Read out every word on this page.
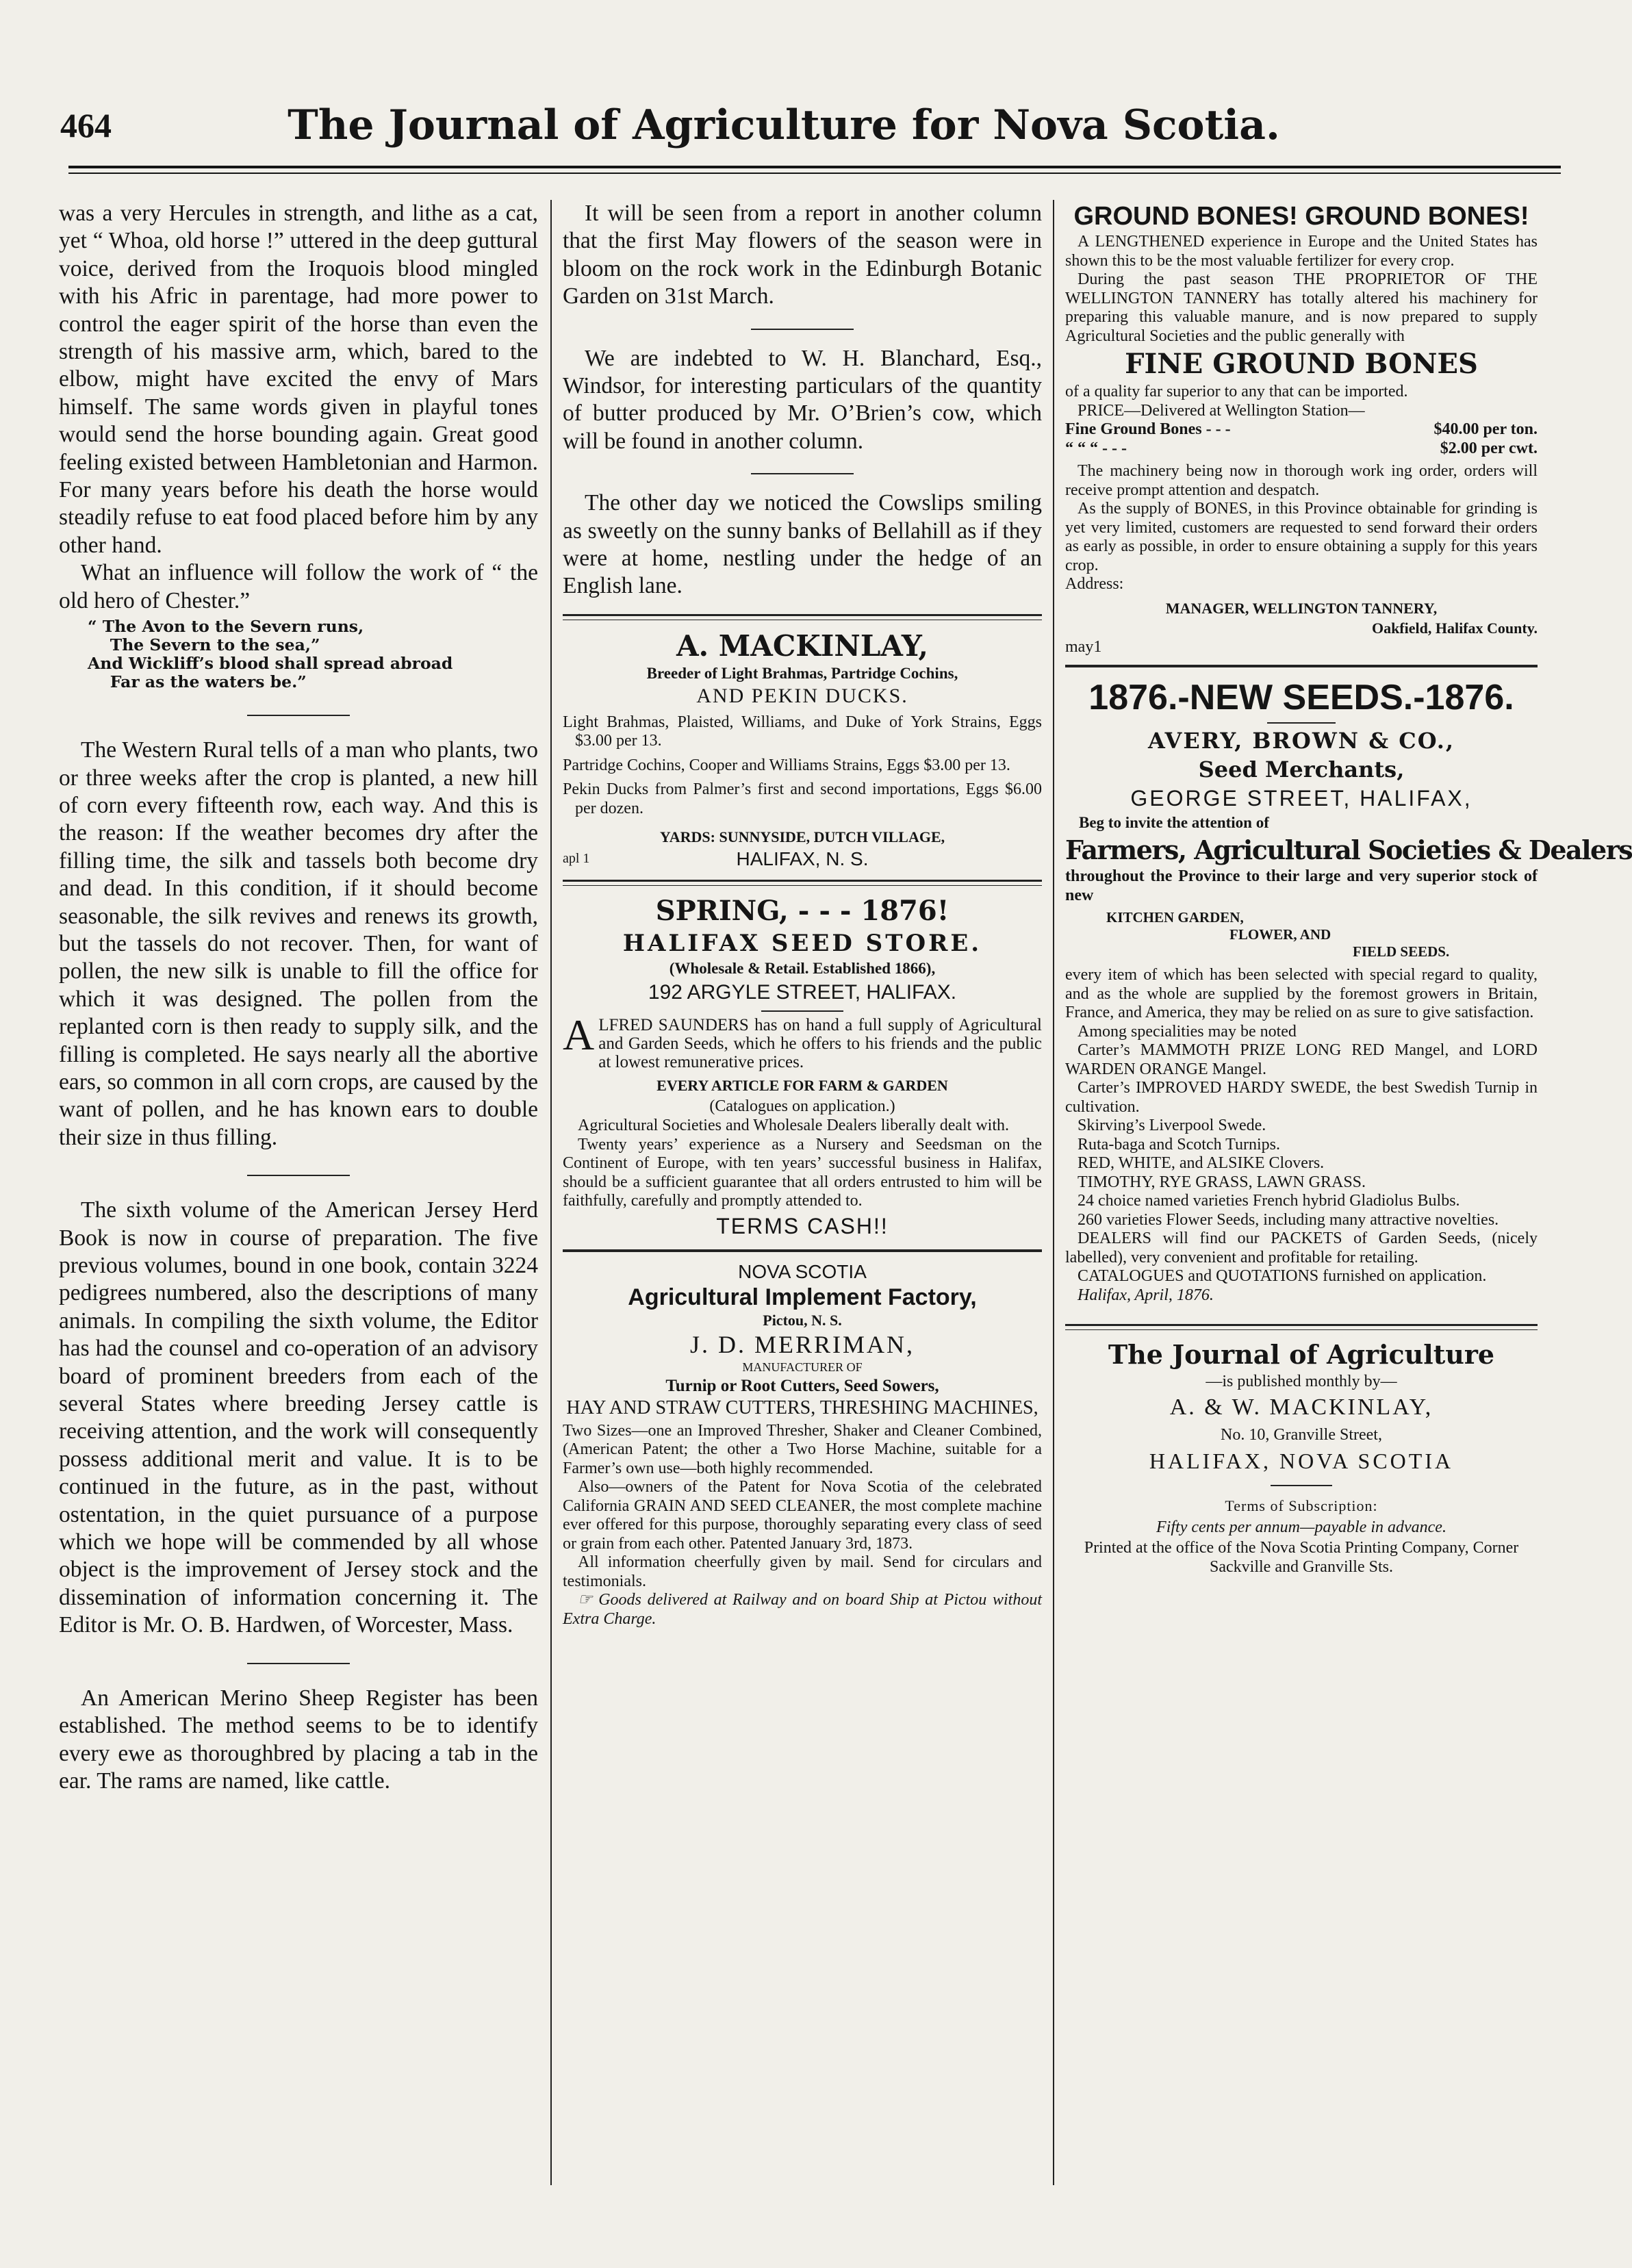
464	The Journal of Agriculture for Nova Scotia.

was a very Hercules in strength, and lithe as a cat, yet “ Whoa, old horse !” uttered in the deep guttural voice, derived from the Iroquois blood mingled with his Afric in parentage, had more power to control the eager spirit of the horse than even the strength of his massive arm, which, bared to the elbow, might have excited the envy of Mars himself. The same words given in playful tones would send the horse bounding again. Great good feeling existed between Hambletonian and Harmon. For many years before his death the horse would steadily refuse to eat food placed before him by any other hand.

What an influence will follow the work of “ the old hero of Chester.”

“ The Avon to the Severn runs,
The Severn to the sea,”
And Wickliff’s blood shall spread abroad
Far as the waters be.”

The Western Rural tells of a man who plants, two or three weeks after the crop is planted, a new hill of corn every fifteenth row, each way. And this is the reason: If the weather becomes dry after the filling time, the silk and tassels both become dry and dead. In this condition, if it should become seasonable, the silk revives and renews its growth, but the tassels do not recover. Then, for want of pollen, the new silk is unable to fill the office for which it was designed. The pollen from the replanted corn is then ready to supply silk, and the filling is completed. He says nearly all the abortive ears, so common in all corn crops, are caused by the want of pollen, and he has known ears to double their size in thus filling.

The sixth volume of the American Jersey Herd Book is now in course of preparation. The five previous volumes, bound in one book, contain 3224 pedigrees numbered, also the descriptions of many animals. In compiling the sixth volume, the Editor has had the counsel and co-operation of an advisory board of prominent breeders from each of the several States where breeding Jersey cattle is receiving attention, and the work will consequently possess additional merit and value. It is to be continued in the future, as in the past, without ostentation, in the quiet pursuance of a purpose which we hope will be commended by all whose object is the improvement of Jersey stock and the dissemination of information concerning it. The Editor is Mr. O. B. Hardwen, of Worcester, Mass.

An American Merino Sheep Register has been established. The method seems to be to identify every ewe as thoroughbred by placing a tab in the ear. The rams are named, like cattle.

It will be seen from a report in another column that the first May flowers of the season were in bloom on the rock work in the Edinburgh Botanic Garden on 31st March.

We are indebted to W. H. Blanchard, Esq., Windsor, for interesting particulars of the quantity of butter produced by Mr. O’Brien’s cow, which will be found in another column.

The other day we noticed the Cowslips smiling as sweetly on the sunny banks of Bellahill as if they were at home, nestling under the hedge of an English lane.

A. MACKINLAY,
Breeder of Light Brahmas, Partridge Cochins,
AND PEKIN DUCKS.
Light Brahmas, Plaisted, Williams, and Duke of York Strains, Eggs $3.00 per 13.
Partridge Cochins, Cooper and Williams Strains, Eggs $3.00 per 13.
Pekin Ducks from Palmer’s first and second importations, Eggs $6.00 per dozen.
YARDS: SUNNYSIDE, DUTCH VILLAGE,
apl 1	HALIFAX, N. S.
SPRING, - - - 1876!
HALIFAX SEED STORE.
(Wholesale & Retail. Established 1866),
192 ARGYLE STREET, HALIFAX.
ALFRED SAUNDERS has on hand a full supply of Agricultural and Garden Seeds, which he offers to his friends and the public at lowest remunerative prices.
EVERY ARTICLE FOR FARM & GARDEN
(Catalogues on application.)
Agricultural Societies and Wholesale Dealers liberally dealt with.
Twenty years’ experience as a Nursery and Seedsman on the Continent of Europe, with ten years’ successful business in Halifax, should be a sufficient guarantee that all orders entrusted to him will be faithfully, carefully and promptly attended to.
TERMS CASH!!
NOVA SCOTIA
Agricultural Implement Factory,
Pictou, N. S.
J. D. MERRIMAN,
MANUFACTURER OF
Turnip or Root Cutters, Seed Sowers,
HAY AND STRAW CUTTERS, THRESHING MACHINES,
Two Sizes—one an Improved Thresher, Shaker and Cleaner Combined, (American Patent; the other a Two Horse Machine, suitable for a Farmer’s own use—both highly recommended.
Also—owners of the Patent for Nova Scotia of the celebrated California GRAIN AND SEED CLEANER, the most complete machine ever offered for this purpose, thoroughly separating every class of seed or grain from each other. Patented January 3rd, 1873.
All information cheerfully given by mail. Send for circulars and testimonials.
☞ Goods delivered at Railway and on board Ship at Pictou without Extra Charge.
GROUND BONES! GROUND BONES!
A LENGTHENED experience in Europe and the United States has shown this to be the most valuable fertilizer for every crop.
During the past season THE PROPRIETOR OF THE WELLINGTON TANNERY has totally altered his machinery for preparing this valuable manure, and is now prepared to supply Agricultural Societies and the public generally with
FINE GROUND BONES
of a quality far superior to any that can be imported.
PRICE—Delivered at Wellington Station—
Fine Ground Bones - - -	$40.00 per ton.
“ “ “ - - -	$2.00 per cwt.
The machinery being now in thorough work ing order, orders will receive prompt attention and despatch.
As the supply of BONES, in this Province obtainable for grinding is yet very limited, customers are requested to send forward their orders as early as possible, in order to ensure obtaining a supply for this years crop.
Address:
MANAGER, WELLINGTON TANNERY,
Oakfield, Halifax County.
may1
1876.-NEW SEEDS.-1876.
AVERY, BROWN & CO.,
Seed Merchants,
GEORGE STREET, HALIFAX,
Beg to invite the attention of
Farmers, Agricultural Societies & Dealers
throughout the Province to their large and very superior stock of new
KITCHEN GARDEN,
FLOWER, AND
FIELD SEEDS.
every item of which has been selected with special regard to quality, and as the whole are supplied by the foremost growers in Britain, France, and America, they may be relied on as sure to give satisfaction.
Among specialities may be noted
Carter’s MAMMOTH PRIZE LONG RED Mangel, and LORD WARDEN ORANGE Mangel.
Carter’s IMPROVED HARDY SWEDE, the best Swedish Turnip in cultivation.
Skirving’s Liverpool Swede.
Ruta-baga and Scotch Turnips.
RED, WHITE, and ALSIKE Clovers.
TIMOTHY, RYE GRASS, LAWN GRASS.
24 choice named varieties French hybrid Gladiolus Bulbs.
260 varieties Flower Seeds, including many attractive novelties.
DEALERS will find our PACKETS of Garden Seeds, (nicely labelled), very convenient and profitable for retailing.
CATALOGUES and QUOTATIONS furnished on application.
Halifax, April, 1876.
The Journal of Agriculture
—is published monthly by—
A. & W. MACKINLAY,
No. 10, Granville Street,
HALIFAX, NOVA SCOTIA
Terms of Subscription:
Fifty cents per annum—payable in advance.
Printed at the office of the Nova Scotia Printing Company, Corner Sackville and Granville Sts.
